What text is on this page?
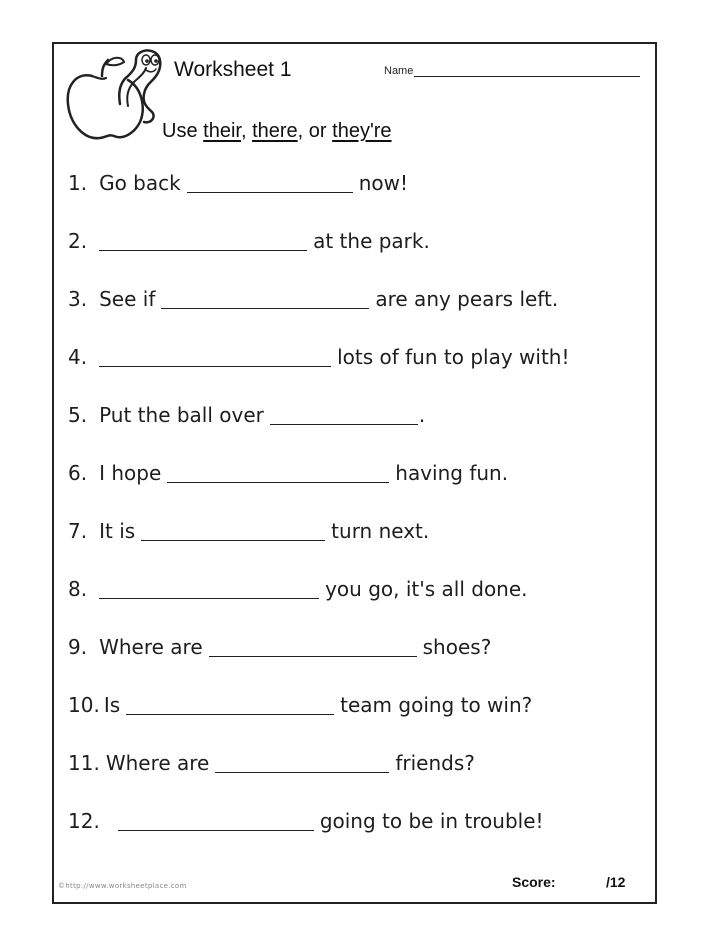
Worksheet 1	Name
Use their, there, or they're
1. Go back	now!
2.	at the park.
3. See if	are any pears left.
4.	lots of fun to play with!
5. Put the ball over	.
6. I hope	having fun.
7. It is	turn next.
8.	you go, it's all done.
9. Where are	shoes?
10. Is	team going to win?
11. Where are	friends?
12.	going to be in trouble!
©http://www.worksheetplace.com	Score:	/12
